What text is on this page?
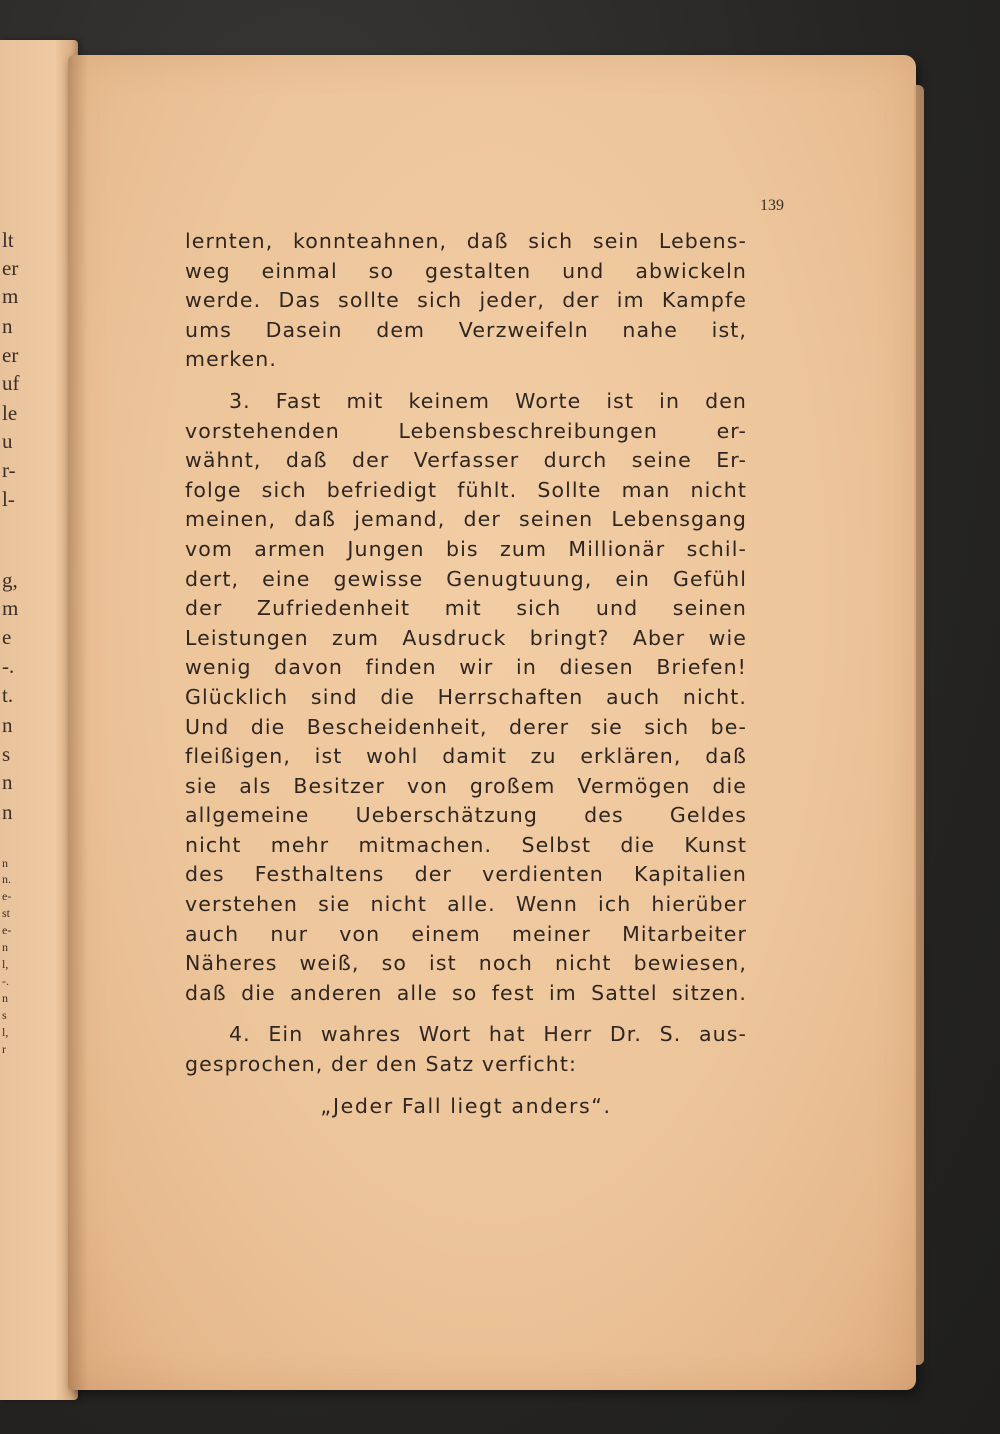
lt
er
m
n
er
uf
le
u
r-
l-
g,
m
e
-.
t.
n
s
n
n
n
n.
e-
st
e-
n
l,
-.
n
s
l,
r
139
lernten, konnteahnen, daß sich sein Lebens-
weg einmal so gestalten und abwickeln
werde. Das sollte sich jeder, der im Kampfe
ums Dasein dem Verzweifeln nahe ist,
merken.
3. Fast mit keinem Worte ist in den
vorstehenden Lebensbeschreibungen er-
wähnt, daß der Verfasser durch seine Er-
folge sich befriedigt fühlt. Sollte man nicht
meinen, daß jemand, der seinen Lebensgang
vom armen Jungen bis zum Millionär schil-
dert, eine gewisse Genugtuung, ein Gefühl
der Zufriedenheit mit sich und seinen
Leistungen zum Ausdruck bringt? Aber wie
wenig davon finden wir in diesen Briefen!
Glücklich sind die Herrschaften auch nicht.
Und die Bescheidenheit, derer sie sich be-
fleißigen, ist wohl damit zu erklären, daß
sie als Besitzer von großem Vermögen die
allgemeine Ueberschätzung des Geldes
nicht mehr mitmachen. Selbst die Kunst
des Festhaltens der verdienten Kapitalien
verstehen sie nicht alle. Wenn ich hierüber
auch nur von einem meiner Mitarbeiter
Näheres weiß, so ist noch nicht bewiesen,
daß die anderen alle so fest im Sattel sitzen.
4. Ein wahres Wort hat Herr Dr. S. aus-
gesprochen, der den Satz verficht:
„Jeder Fall liegt anders“.
